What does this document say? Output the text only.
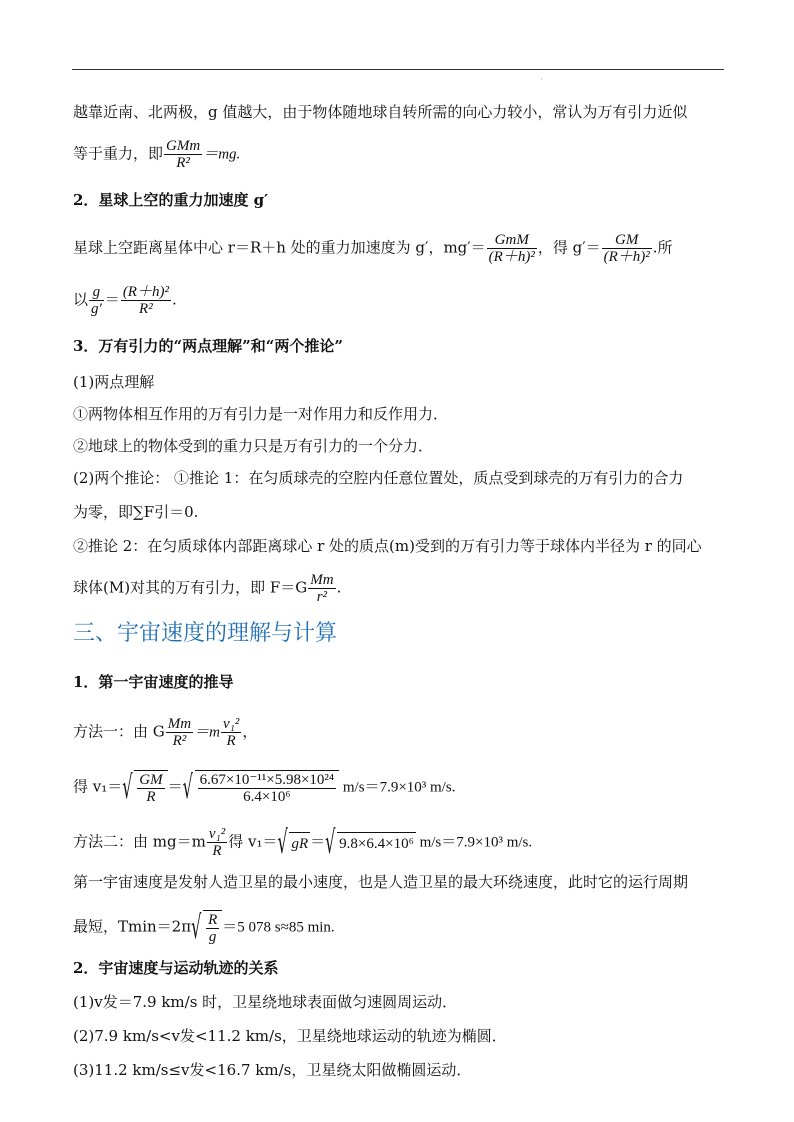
'
越靠近南、北两极，g 值越大，由于物体随地球自转所需的向心力较小，常认为万有引力近似
等于重力，即 $\frac{\text{GMm}}{\text{R²}} =mg$.
2．星球上空的重力加速度 g′
星球上空距离星体中心 r＝R＋h 处的重力加速度为 g′，$mg'= \frac{\text{GmM}}{\text{(R＋h)²}}$ ，得 $g'= \frac{GM}{\text{(R＋h)²}}$ .所
以 $\frac{g}{g'} = \frac{\text{(R＋h)²}}{\text{R²}}$ .
3．万有引力的“两点理解”和“两个推论”
(1)两点理解
①两物体相互作用的万有引力是一对作用力和反作用力．
②地球上的物体受到的重力只是万有引力的一个分力．
(2)两个推论： ①推论 1：在匀质球壳的空腔内任意位置处，质点受到球壳的万有引力的合力
为零，即∑F引＝0.
②推论 2：在匀质球体内部距离球心 r 处的质点(m)受到的万有引力等于球体内半径为 r 的同心
球体(M)对其的万有引力，即 $F=G \frac{Mm}{\text{r²}}$ .
三、宇宙速度的理解与计算
1．第一宇宙速度的推导
方法一：由 G $\frac{Mm}{\text{R²}} =m \frac{\text{v₁²}}{R}$ ，
得 v₁＝ √ $\frac{GM}{R}$ ＝ √ $\frac{\text{6.67×10⁻¹¹×5.98×10²⁴}}{\text{6.4×10⁶}} m/s=7.9\times 10^3$ m/s.
方法二：由 $mg=m \frac{\text{v₁²}}{R}$ 得 v₁＝ √ gR ＝ √ 9.8×6.4×10⁶ m/s＝7.9×10³ m/s.
第一宇宙速度是发射人造卫星的最小速度，也是人造卫星的最大环绕速度，此时它的运行周期
最短，Tmin＝2π √ $\frac{R}{g} =5$ 078 s≈85 min.
2．宇宙速度与运动轨迹的关系
(1)v发＝7.9 km/s 时，卫星绕地球表面做匀速圆周运动．
(2)7.9 km/s<v发<11.2 km/s，卫星绕地球运动的轨迹为椭圆．
(3)11.2 km/s≤v发<16.7 km/s，卫星绕太阳做椭圆运动．
